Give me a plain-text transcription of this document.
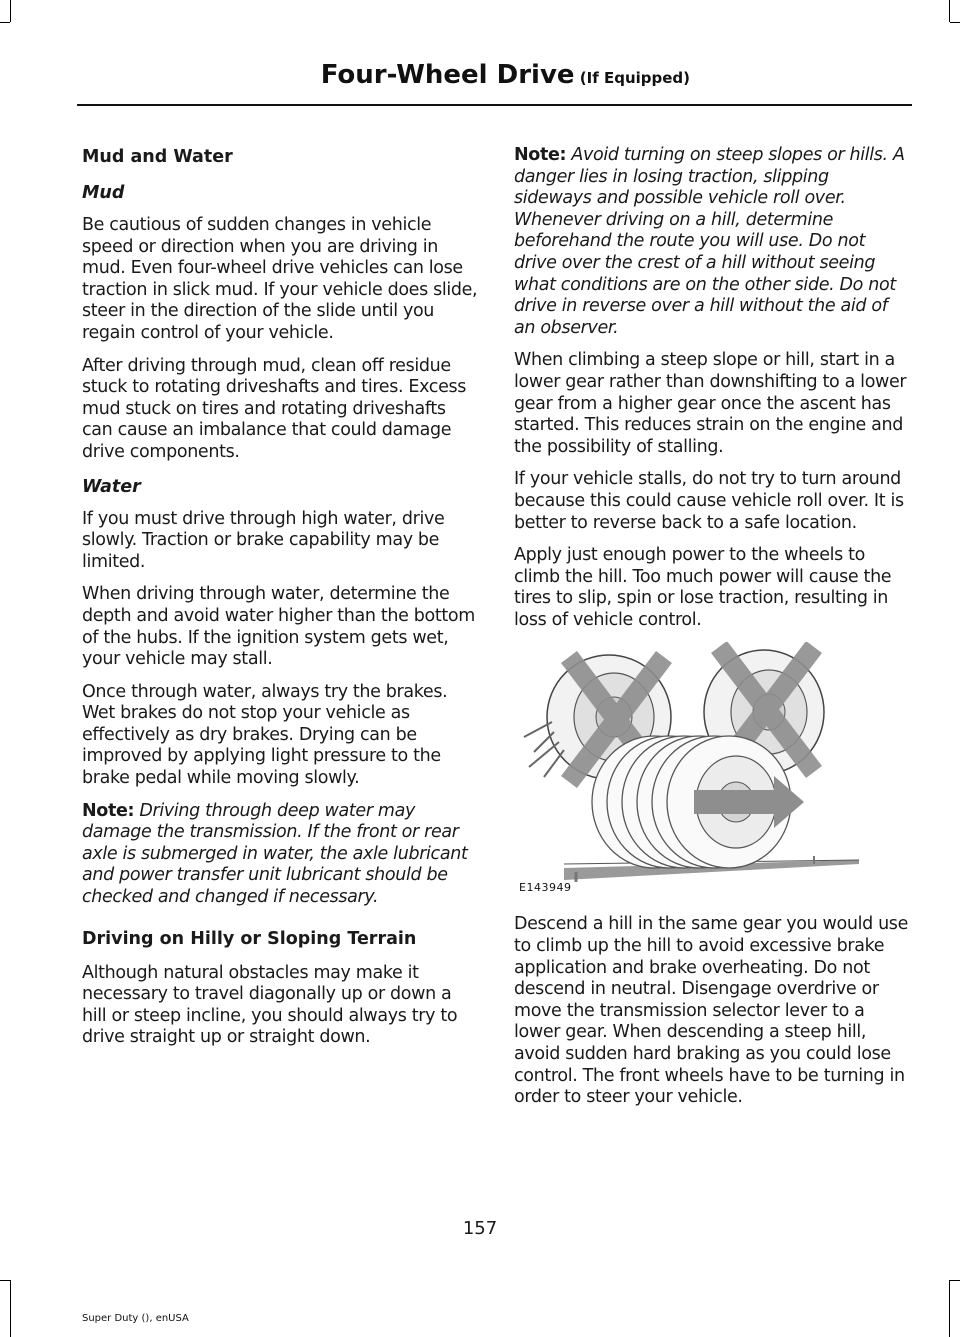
Four-Wheel Drive (If Equipped)
Mud and Water
Mud

Be cautious of sudden changes in vehicle speed or direction when you are driving in mud. Even four-wheel drive vehicles can lose traction in slick mud. If your vehicle does slide, steer in the direction of the slide until you regain control of your vehicle.

After driving through mud, clean off residue stuck to rotating driveshafts and tires. Excess mud stuck on tires and rotating driveshafts can cause an imbalance that could damage drive components.

Water

If you must drive through high water, drive slowly. Traction or brake capability may be limited.

When driving through water, determine the depth and avoid water higher than the bottom of the hubs. If the ignition system gets wet, your vehicle may stall.

Once through water, always try the brakes. Wet brakes do not stop your vehicle as effectively as dry brakes. Drying can be improved by applying light pressure to the brake pedal while moving slowly.

Note: Driving through deep water may damage the transmission. If the front or rear axle is submerged in water, the axle lubricant and power transfer unit lubricant should be checked and changed if necessary.

Driving on Hilly or Sloping Terrain

Although natural obstacles may make it necessary to travel diagonally up or down a hill or steep incline, you should always try to drive straight up or straight down.

Note: Avoid turning on steep slopes or hills. A danger lies in losing traction, slipping sideways and possible vehicle roll over. Whenever driving on a hill, determine beforehand the route you will use. Do not drive over the crest of a hill without seeing what conditions are on the other side. Do not drive in reverse over a hill without the aid of an observer.

When climbing a steep slope or hill, start in a lower gear rather than downshifting to a lower gear from a higher gear once the ascent has started. This reduces strain on the engine and the possibility of stalling.

If your vehicle stalls, do not try to turn around because this could cause vehicle roll over. It is better to reverse back to a safe location.

Apply just enough power to the wheels to climb the hill. Too much power will cause the tires to slip, spin or lose traction, resulting in loss of vehicle control.

E143949

Descend a hill in the same gear you would use to climb up the hill to avoid excessive brake application and brake overheating. Do not descend in neutral. Disengage overdrive or move the transmission selector lever to a lower gear. When descending a steep hill, avoid sudden hard braking as you could lose control. The front wheels have to be turning in order to steer your vehicle.

157
Super Duty (), enUSA
